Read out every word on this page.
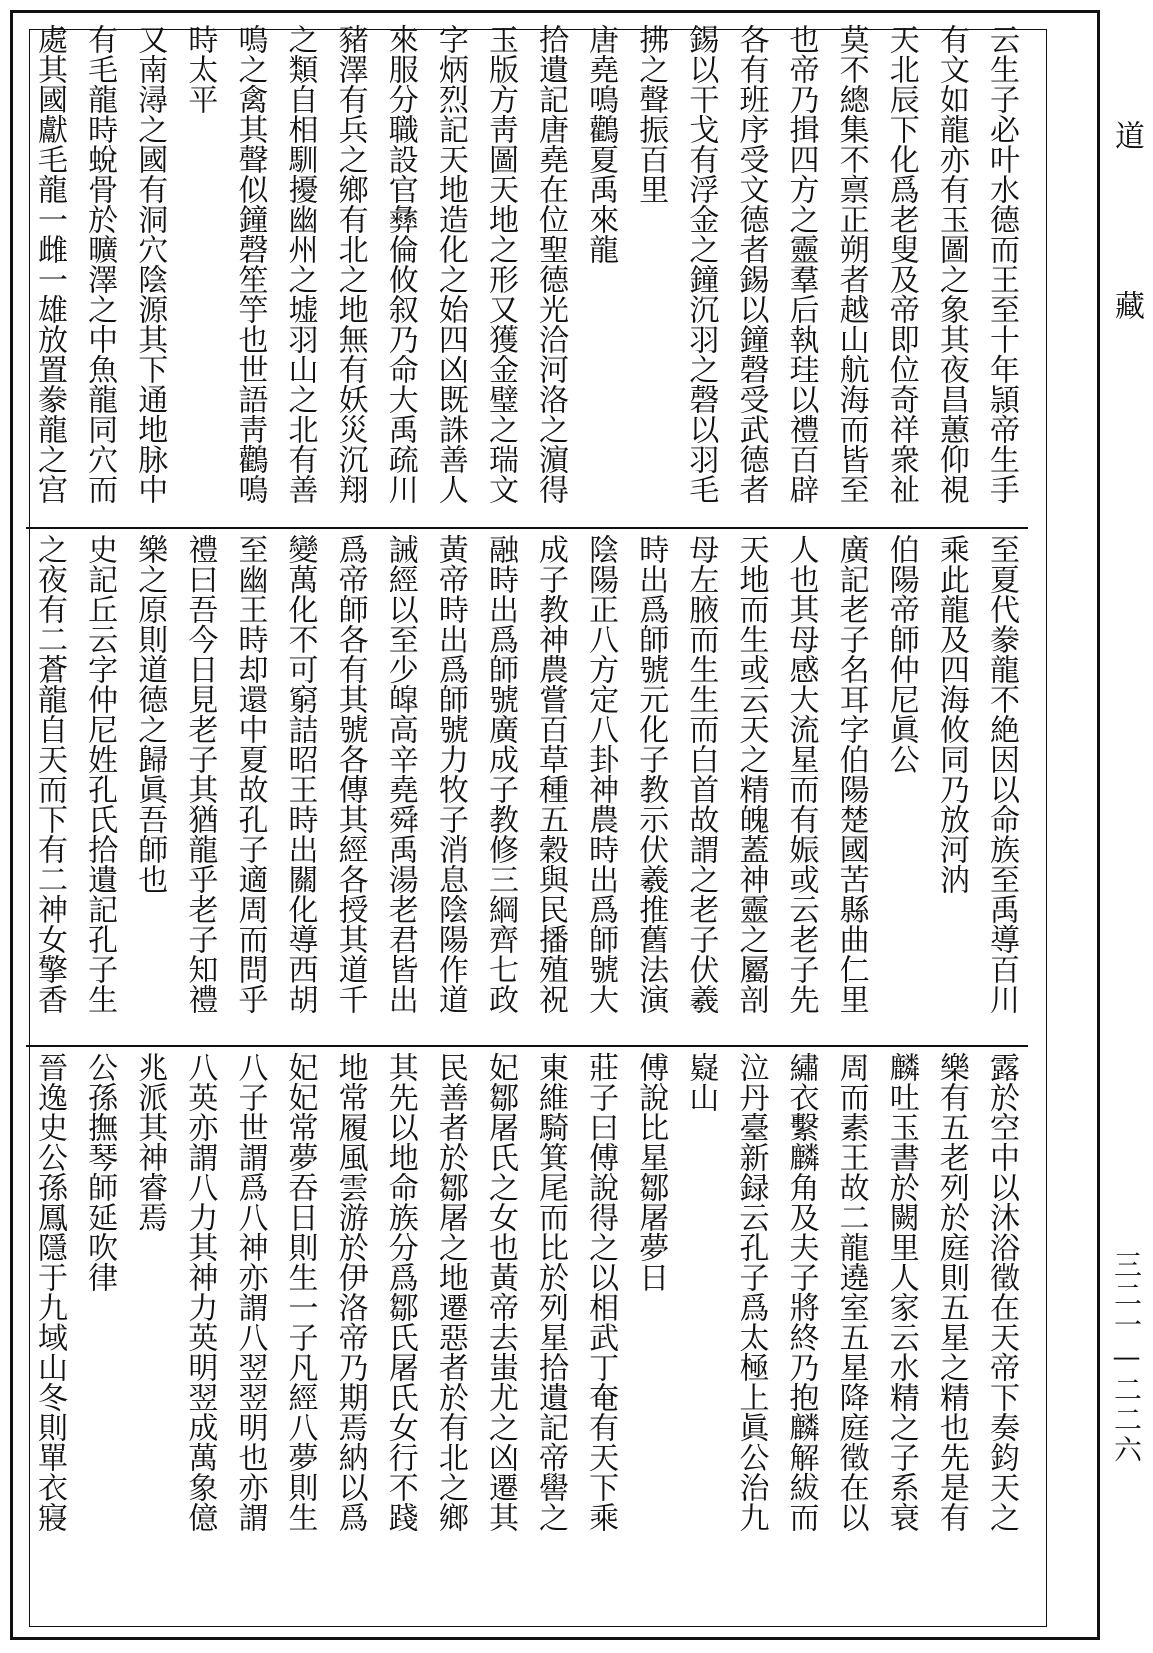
道藏
三二一—二二六
云生子必叶水德而王至十年頴帝生手
有文如龍亦有玉圖之象其夜昌蕙仰視
天北辰下化爲老叟及帝即位奇祥衆祉
莫不總集不禀正朔者越山航海而皆至
也帝乃揖四方之靈羣后執珪以禮百辟
各有班序受文德者錫以鐘磬受武德者
錫以干戈有浮金之鐘沉羽之磬以羽毛
拂之聲振百里
唐堯鳴鸛夏禹來龍
拾遺記唐堯在位聖德光洽河洛之濵得
玉版方靑圖天地之形又獲金璧之瑞文
字炳烈記天地造化之始四凶既誅善人
來服分職設官彝倫攸叙乃命大禹疏川
豬澤有兵之鄉有北之地無有妖災沉翔
之類自相馴擾幽州之墟羽山之北有善
鳴之禽其聲似鐘磬笙竽也世語靑鸛鳴
時太平
又南潯之國有洞穴陰源其下通地脉中
有毛龍時蛻骨於曠澤之中魚龍同穴而
處其國獻毛龍一雌一雄放置豢龍之宫
至夏代豢龍不絶因以命族至禹導百川
乘此龍及四海攸同乃放河汭
伯陽帝師仲尼眞公
廣記老子名耳字伯陽楚國苦縣曲仁里
人也其母感大流星而有娠或云老子先
天地而生或云天之精魄蓋神靈之屬剖
母左腋而生生而白首故謂之老子伏羲
時出爲師號元化子教示伏羲推舊法演
陰陽正八方定八卦神農時出爲師號大
成子教神農嘗百草種五穀與民播殖祝
融時出爲師號廣成子教修三綱齊七政
黃帝時出爲師號力牧子消息陰陽作道
誡經以至少皡高辛堯舜禹湯老君皆出
爲帝師各有其號各傳其經各授其道千
變萬化不可窮詰昭王時出關化導西胡
至幽王時却還中夏故孔子適周而問乎
禮曰吾今日見老子其猶龍乎老子知禮
樂之原則道德之歸眞吾師也
史記丘云字仲尼姓孔氏拾遺記孔子生
之夜有二蒼龍自天而下有二神女擎香
露於空中以沐浴徵在天帝下奏鈞天之
樂有五老列於庭則五星之精也先是有
麟吐玉書於闕里人家云水精之子系衰
周而素王故二龍遶室五星降庭徵在以
繡衣繫麟角及夫子將終乃抱麟解紱而
泣丹臺新録云孔子爲太極上眞公治九
嶷山
傅說比星鄒屠夢日
莊子曰傅說得之以相武丁奄有天下乘
東維騎箕尾而比於列星拾遺記帝嚳之
妃鄒屠氏之女也黃帝去蚩尤之凶遷其
民善者於鄒屠之地遷惡者於有北之鄉
其先以地命族分爲鄒氏屠氏女行不踐
地常履風雲游於伊洛帝乃期焉納以爲
妃妃常夢吞日則生一子凡經八夢則生
八子世謂爲八神亦謂八翌翌明也亦謂
八英亦謂八力其神力英明翌成萬象億
兆派其神睿焉
公孫撫琴師延吹律
晉逸史公孫鳳隱于九域山冬則單衣寢
